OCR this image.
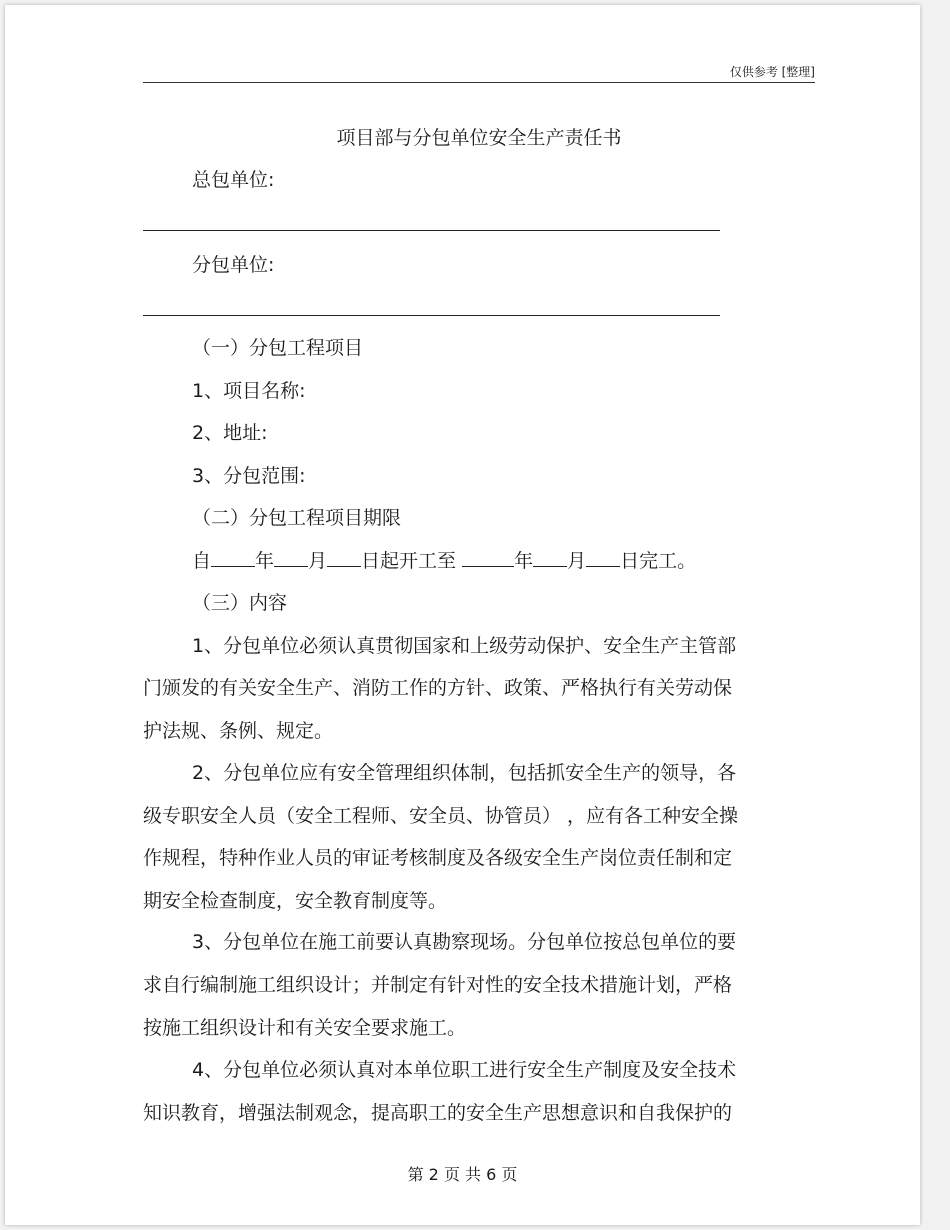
仅供参考 [整理]
项目部与分包单位安全生产责任书
总包单位:
分包单位:
（一）分包工程项目
1、项目名称:
2、地址:
3、分包范围:
（二）分包工程项目期限
自 年 月 日起开工至	年 月 日完工。
（三）内容
1、分包单位必须认真贯彻国家和上级劳动保护、安全生产主管部
门颁发的有关安全生产、消防工作的方针、政策、严格执行有关劳动保
护法规、条例、规定。
2、分包单位应有安全管理组织体制，包括抓安全生产的领导，各
级专职安全人员（安全工程师、安全员、协管员） ，应有各工种安全操
作规程，特种作业人员的审证考核制度及各级安全生产岗位责任制和定
期安全检查制度，安全教育制度等。
3、分包单位在施工前要认真勘察现场。分包单位按总包单位的要
求自行编制施工组织设计；并制定有针对性的安全技术措施计划，严格
按施工组织设计和有关安全要求施工。
4、分包单位必须认真对本单位职工进行安全生产制度及安全技术
知识教育，增强法制观念，提高职工的安全生产思想意识和自我保护的
第 2 页 共 6 页
